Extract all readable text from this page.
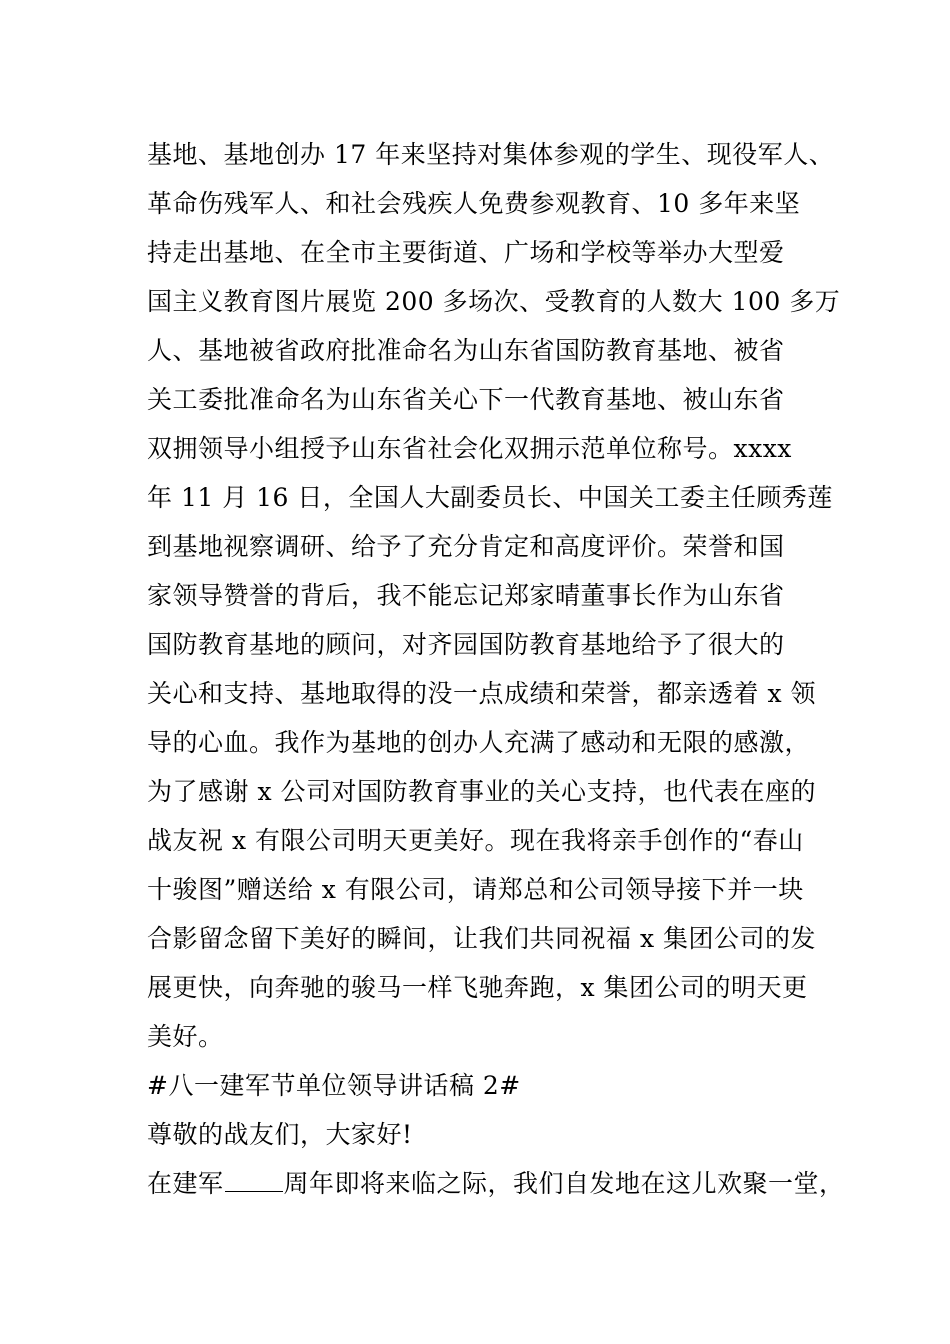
基地、基地创办 17 年来坚持对集体参观的学生、现役军人、
革命伤残军人、和社会残疾人免费参观教育、10 多年来坚
持走出基地、在全市主要街道、广场和学校等举办大型爱
国主义教育图片展览 200 多场次、受教育的人数大 100 多万
人、基地被省政府批准命名为山东省国防教育基地、被省
关工委批准命名为山东省关心下一代教育基地、被山东省
双拥领导小组授予山东省社会化双拥示范单位称号。xxxx
年 11 月 16 日，全国人大副委员长、中国关工委主任顾秀莲
到基地视察调研、给予了充分肯定和高度评价。荣誉和国
家领导赞誉的背后，我不能忘记郑家晴董事长作为山东省
国防教育基地的顾问，对齐园国防教育基地给予了很大的
关心和支持、基地取得的没一点成绩和荣誉，都亲透着 x 领
导的心血。我作为基地的创办人充满了感动和无限的感激，
为了感谢 x 公司对国防教育事业的关心支持，也代表在座的
战友祝 x 有限公司明天更美好。现在我将亲手创作的“春山
十骏图”赠送给 x 有限公司，请郑总和公司领导接下并一块
合影留念留下美好的瞬间，让我们共同祝福 x 集团公司的发
展更快，向奔驰的骏马一样飞驰奔跑，x 集团公司的明天更
美好。
#八一建军节单位领导讲话稿 2#
尊敬的战友们，大家好!
在建军 周年即将来临之际，我们自发地在这儿欢聚一堂，
